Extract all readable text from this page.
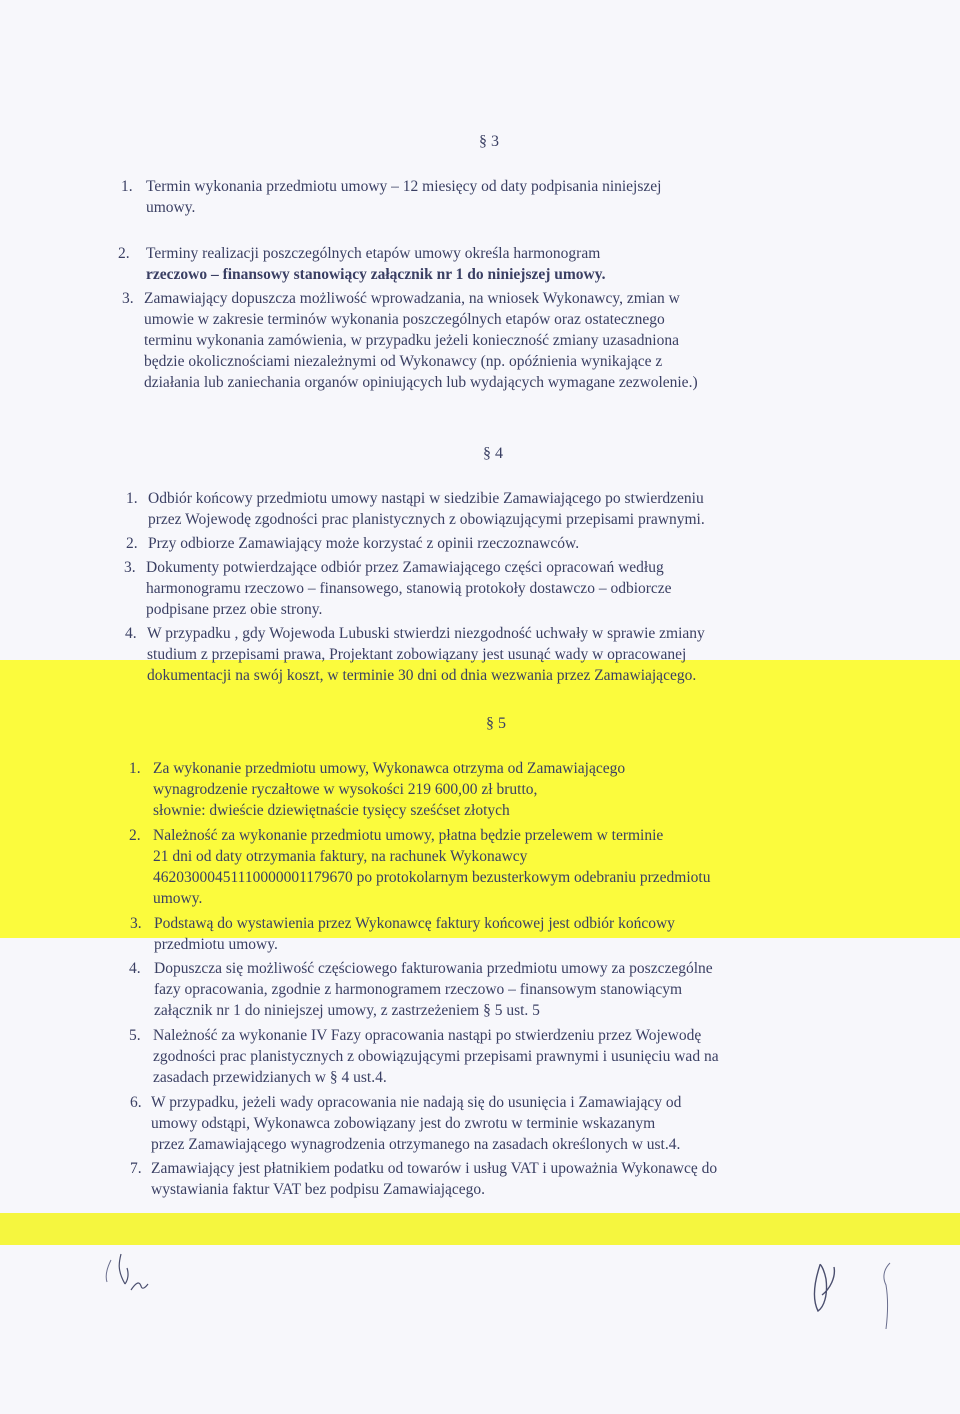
§ 3
1. Termin wykonania przedmiotu umowy – 12 miesięcy od daty podpisania niniejszej
umowy.
2. Terminy realizacji poszczególnych etapów umowy określa harmonogram
rzeczowo – finansowy stanowiący załącznik nr 1 do niniejszej umowy.
3. Zamawiający dopuszcza możliwość wprowadzania, na wniosek Wykonawcy, zmian w
umowie w zakresie terminów wykonania poszczególnych etapów oraz ostatecznego
terminu wykonania zamówienia, w przypadku jeżeli konieczność zmiany uzasadniona
będzie okolicznościami niezależnymi od Wykonawcy (np. opóźnienia wynikające z
działania lub zaniechania organów opiniujących lub wydających wymagane zezwolenie.)
§ 4
1. Odbiór końcowy przedmiotu umowy nastąpi w siedzibie Zamawiającego po stwierdzeniu
przez Wojewodę zgodności prac planistycznych z obowiązującymi przepisami prawnymi.
2. Przy odbiorze Zamawiający może korzystać z opinii rzeczoznawców.
3. Dokumenty potwierdzające odbiór przez Zamawiającego części opracowań według
harmonogramu rzeczowo – finansowego, stanowią protokoły dostawczo – odbiorcze
podpisane przez obie strony.
4. W przypadku , gdy Wojewoda Lubuski stwierdzi niezgodność uchwały w sprawie zmiany
studium z przepisami prawa, Projektant zobowiązany jest usunąć wady w opracowanej
dokumentacji na swój koszt, w terminie 30 dni od dnia wezwania przez Zamawiającego.
§ 5
1. Za wykonanie przedmiotu umowy, Wykonawca otrzyma od Zamawiającego
wynagrodzenie ryczałtowe w wysokości 219 600,00 zł brutto,
słownie: dwieście dziewiętnaście tysięcy sześćset złotych
2. Należność za wykonanie przedmiotu umowy, płatna będzie przelewem w terminie
21 dni od daty otrzymania faktury, na rachunek Wykonawcy
46203000451110000001179670 po protokolarnym bezusterkowym odebraniu przedmiotu
umowy.
3. Podstawą do wystawienia przez Wykonawcę faktury końcowej jest odbiór końcowy
przedmiotu umowy.
4. Dopuszcza się możliwość częściowego fakturowania przedmiotu umowy za poszczególne
fazy opracowania, zgodnie z harmonogramem rzeczowo – finansowym stanowiącym
załącznik nr 1 do niniejszej umowy, z zastrzeżeniem § 5 ust. 5
5. Należność za wykonanie IV Fazy opracowania nastąpi po stwierdzeniu przez Wojewodę
zgodności prac planistycznych z obowiązującymi przepisami prawnymi i usunięciu wad na
zasadach przewidzianych w § 4 ust.4.
6. W przypadku, jeżeli wady opracowania nie nadają się do usunięcia i Zamawiający od
umowy odstąpi, Wykonawca zobowiązany jest do zwrotu w terminie wskazanym
przez Zamawiającego wynagrodzenia otrzymanego na zasadach określonych w ust.4.
7. Zamawiający jest płatnikiem podatku od towarów i usług VAT i upoważnia Wykonawcę do
wystawiania faktur VAT bez podpisu Zamawiającego.
